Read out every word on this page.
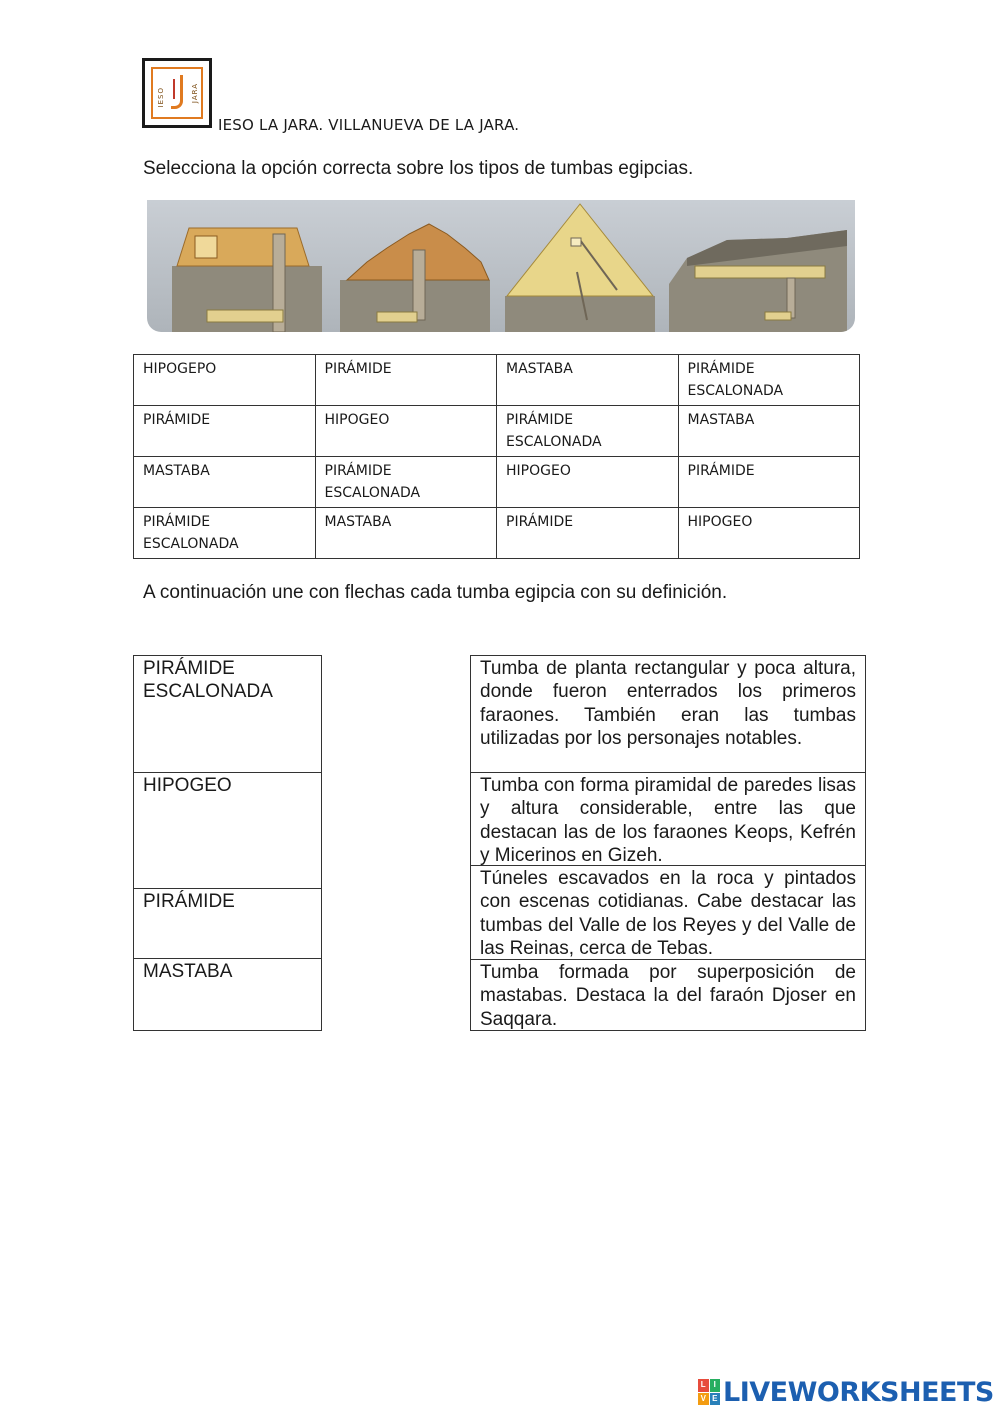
IESO	JARA
IESO LA JARA. VILLANUEVA DE LA JARA.
Selecciona la opción correcta sobre los tipos de tumbas egipcias.
HIPOGEPO	PIRÁMIDE	MASTABA	PIRÁMIDE ESCALONADA
PIRÁMIDE	HIPOGEO	PIRÁMIDE ESCALONADA	MASTABA
MASTABA	PIRÁMIDE ESCALONADA	HIPOGEO	PIRÁMIDE
PIRÁMIDE ESCALONADA	MASTABA	PIRÁMIDE	HIPOGEO
A continuación une con flechas cada tumba egipcia con su definición.
PIRÁMIDE ESCALONADA
HIPOGEO
PIRÁMIDE
MASTABA
Tumba de planta rectangular y poca altura, donde fueron enterrados los primeros faraones. También eran las tumbas utilizadas por los personajes notables.
Tumba con forma piramidal de paredes lisas y altura considerable, entre las que destacan las de los faraones Keops, Kefrén y Micerinos en Gizeh.
Túneles escavados en la roca y pintados con escenas cotidianas. Cabe destacar las tumbas del Valle de los Reyes y del Valle de las Reinas, cerca de Tebas.
Tumba formada por superposición de mastabas. Destaca la del faraón Djoser en Saqqara.
L I
V E LIVEWORKSHEETS
